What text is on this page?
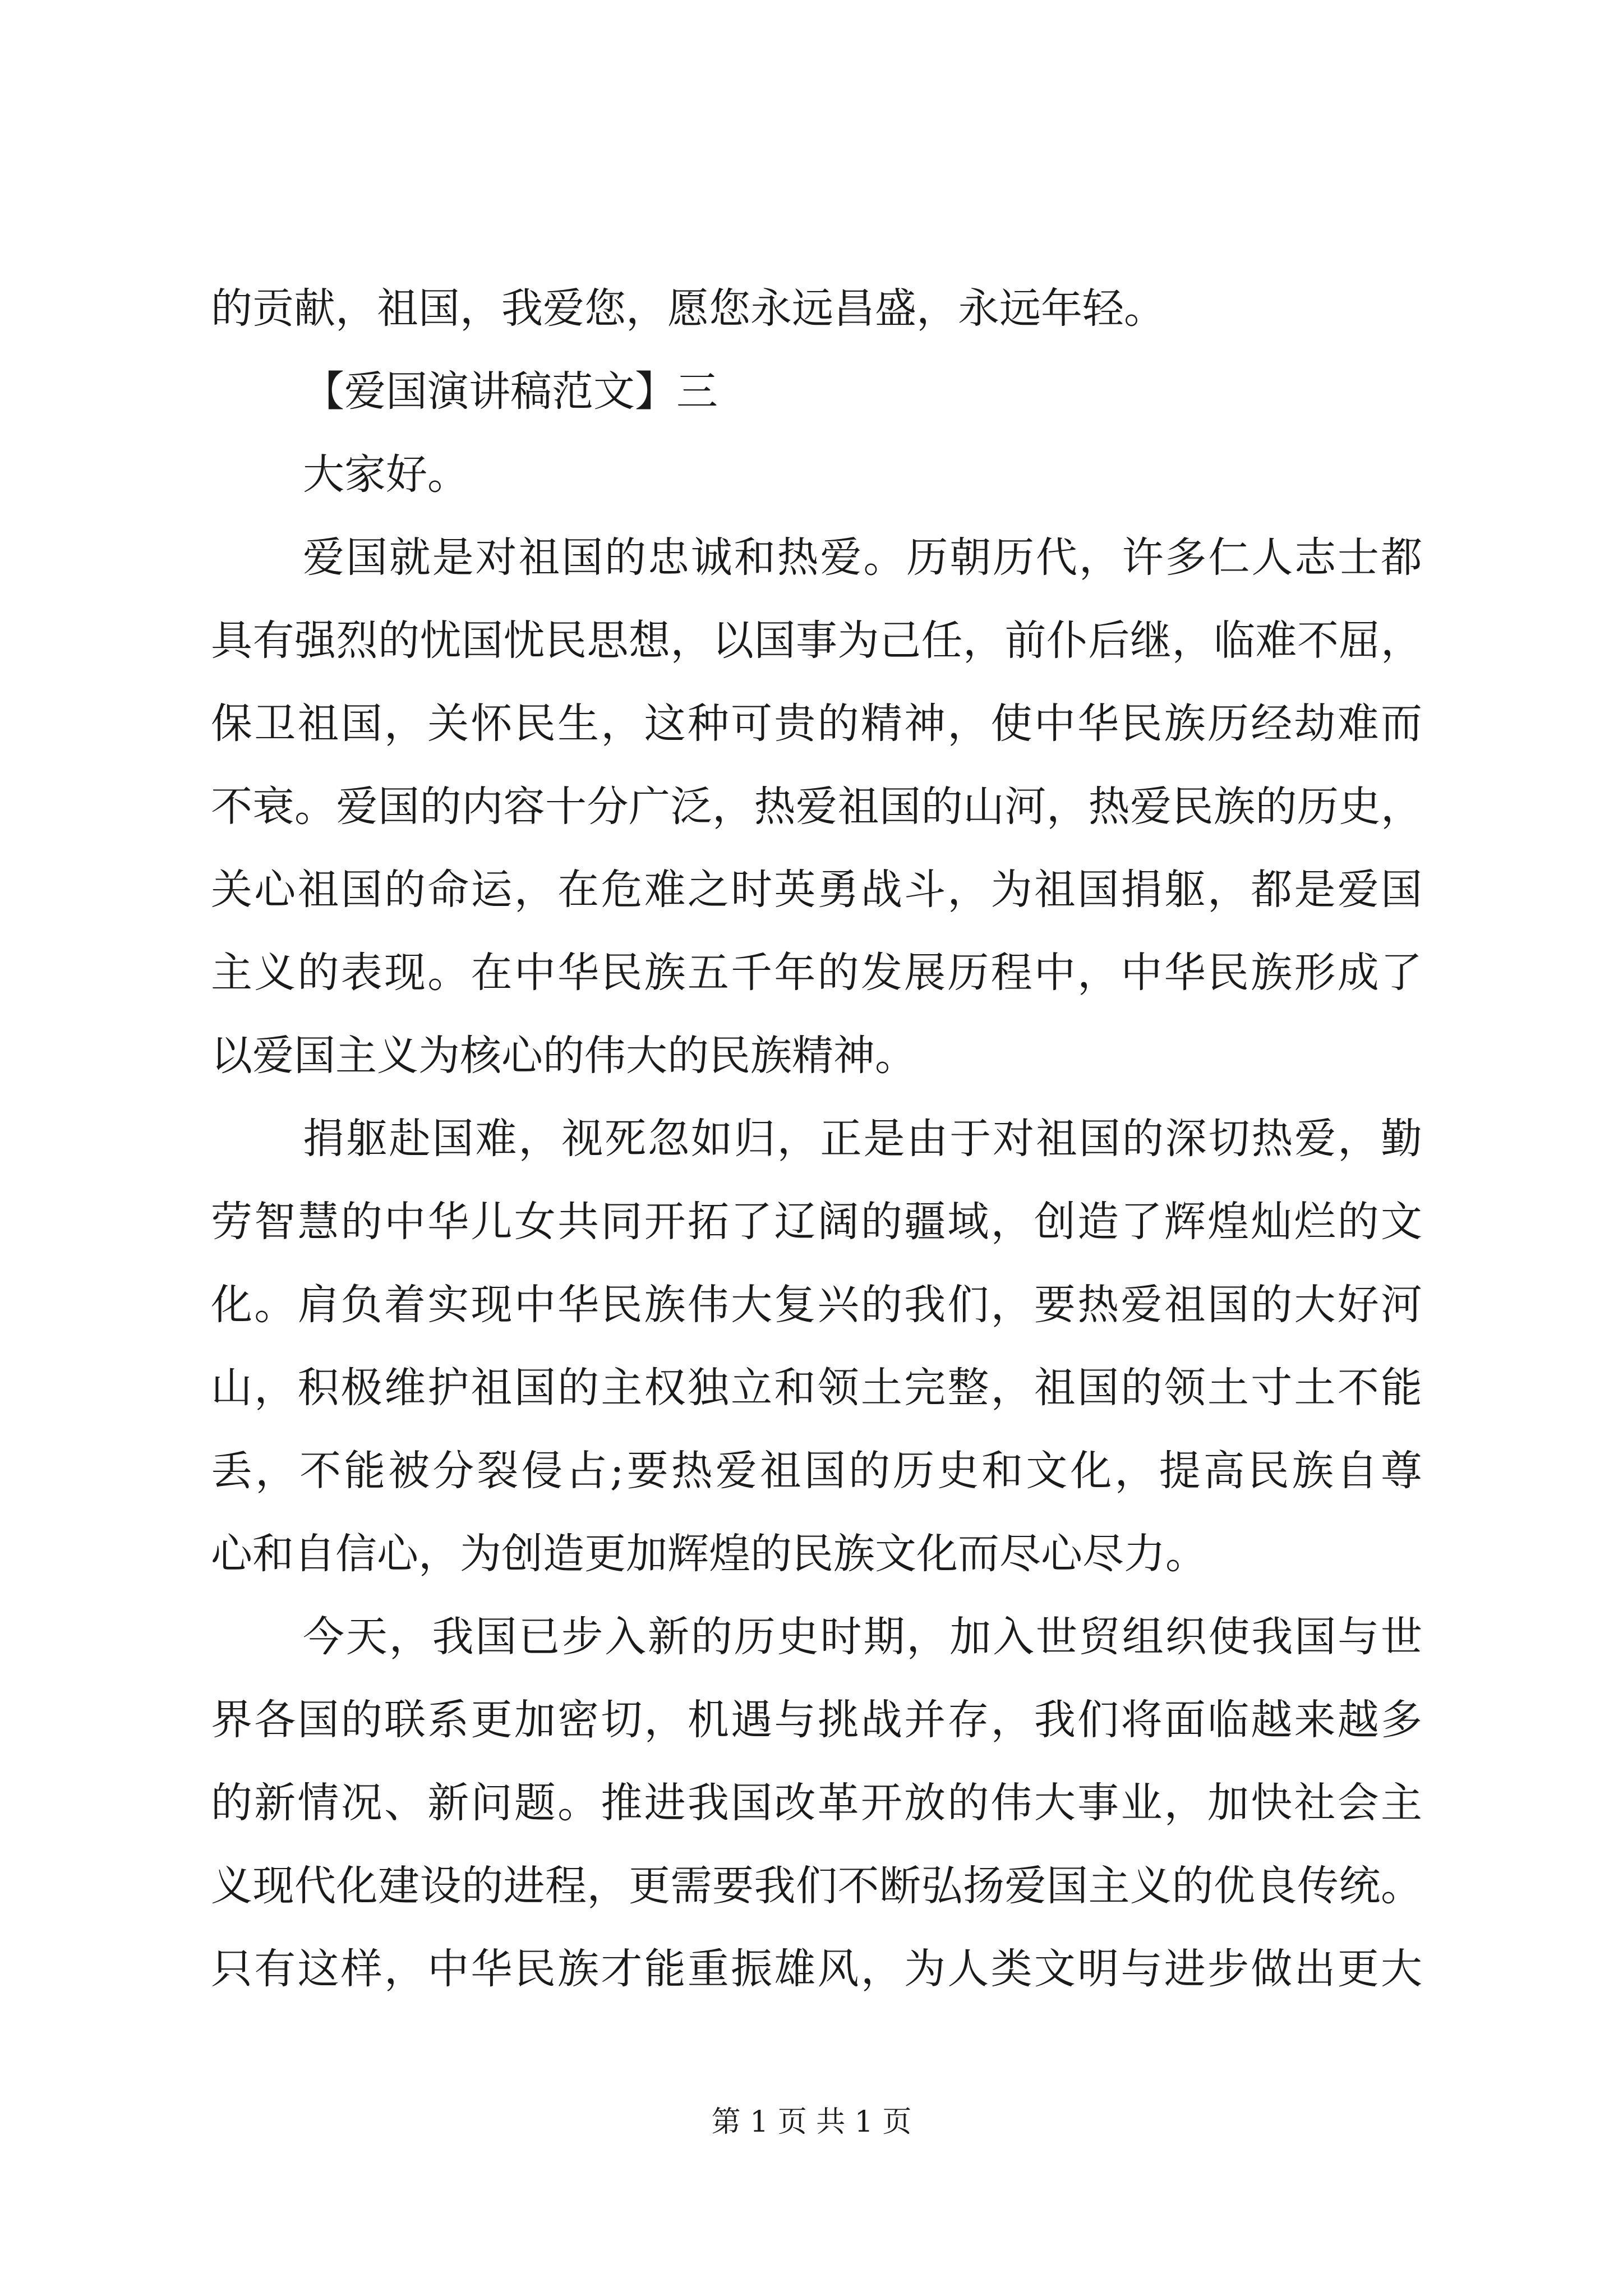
的贡献，祖国，我爱您，愿您永远昌盛，永远年轻。
【爱国演讲稿范文】三
大家好。
爱国就是对祖国的忠诚和热爱。历朝历代，许多仁人志士都
具有强烈的忧国忧民思想，以国事为己任，前仆后继，临难不屈，
保卫祖国，关怀民生，这种可贵的精神，使中华民族历经劫难而
不衰。爱国的内容十分广泛，热爱祖国的山河，热爱民族的历史，
关心祖国的命运，在危难之时英勇战斗，为祖国捐躯，都是爱国
主义的表现。在中华民族五千年的发展历程中，中华民族形成了
以爱国主义为核心的伟大的民族精神。
捐躯赴国难，视死忽如归，正是由于对祖国的深切热爱，勤
劳智慧的中华儿女共同开拓了辽阔的疆域，创造了辉煌灿烂的文
化。肩负着实现中华民族伟大复兴的我们，要热爱祖国的大好河
山，积极维护祖国的主权独立和领土完整，祖国的领土寸土不能
丢，不能被分裂侵占;要热爱祖国的历史和文化，提高民族自尊
心和自信心，为创造更加辉煌的民族文化而尽心尽力。
今天，我国已步入新的历史时期，加入世贸组织使我国与世
界各国的联系更加密切，机遇与挑战并存，我们将面临越来越多
的新情况、新问题。推进我国改革开放的伟大事业，加快社会主
义现代化建设的进程，更需要我们不断弘扬爱国主义的优良传统。
只有这样，中华民族才能重振雄风，为人类文明与进步做出更大
第 1 页 共 1 页
